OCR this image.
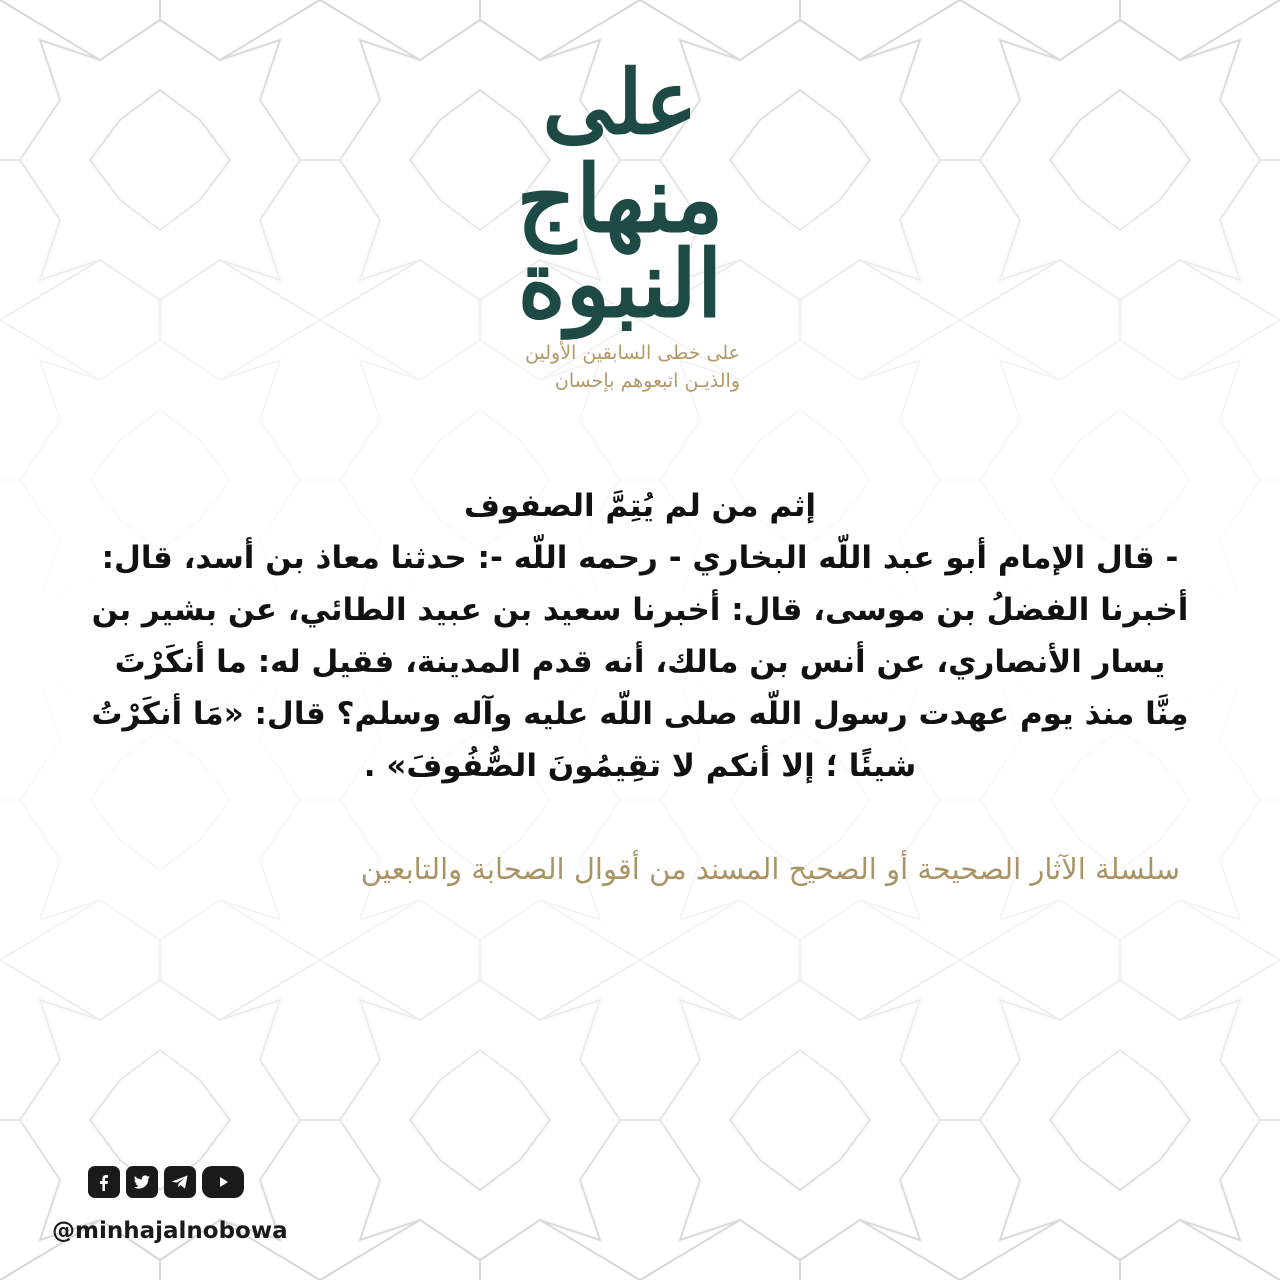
على
منهاج
النبوة
على خطى السابقين الأولين
والذيـن اتبعوهم بإحسان

إثم من لم يُتِمَّ الصفوف

- قال الإمام أبو عبد اللّه البخاري - رحمه اللّه -: حدثنا معاذ بن أسد، قال: أخبرنا الفضلُ بن موسى، قال: أخبرنا سعيد بن عبيد الطائي، عن بشير بن يسار الأنصاري، عن أنس بن مالك، أنه قدم المدينة، فقيل له: ما أنكَرْتَ مِنَّا منذ يوم عهدت رسول اللّه صلى اللّه عليه وآله وسلم؟ قال: «مَا أنكَرْتُ شيئًا ؛ إلا أنكم لا تقِيمُونَ الصُّفُوفَ» .

سلسلة الآثار الصحيحة أو الصحيح المسند من أقوال الصحابة والتابعين
@minhajalnobowa
